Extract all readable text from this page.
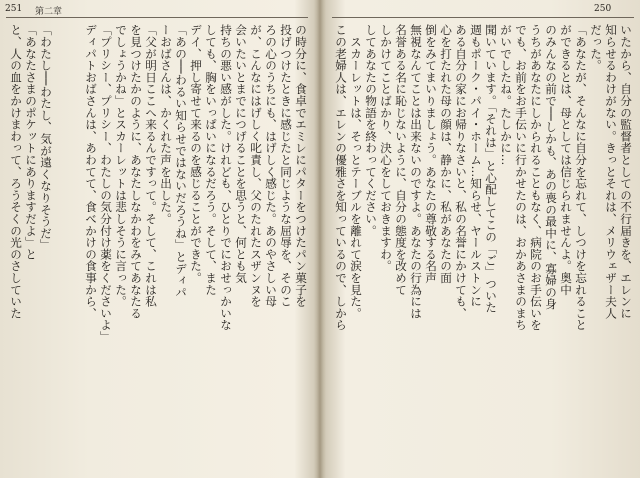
251 第二章	250
いたから、自分の監督者としての不行届きを、エレンに
知らせるわけがない。きっとそれは、メリウェザー夫人
だった。
「あなたが、そんなに自分を忘れて、しつけを忘れること
ができるとは、母としては信じられませんよ。奥中
のみんなの前で──しかも、あの喪の最中に、寡婦の身
うちがあなたにしかられることもなく、病院のお手伝いを
でも、お前をお手伝いに行かせたのは、おかあさまのまち
がいでしたね。たしかに…
聞いています。「それは」と心配してこの「ご」ついた
週もポーク・パイ・ホーム…知らせ、ヤールストンに
ある自分の家にお帰りなさいと、私の名誉にかけても、
心を打たれた母の顔は、静かに、私があなたの面
倒をみてまいりましょう。あなたの尊敬する名声
無視なんてことは出来ないのですよ。あなたの行為には
名誉ある名に恥じないように、自分の態度を改めて
しかけてことばかり、決心をしておきますわ。
してあなたの物語を終わってください。
　スカーレットは、そっとテーブルを離れて涙を見た。
この老婦人は、エレンの優雅さを知っているので、しから
の時分に、食卓でエミレにパターをつけたパン菓子を
投げつけたときに感じたと同じような屈辱を、そのこ
ろの心のうちにも、はげしく感じた。あのやさしい母
が、こんなにはげしく叱責し、父のたれたスザンヌを
会いたいとまでにつげることを思うと、何とも気
持ちの悪い感がした。けれども、ひとりでにおせっかいな
しても、胸をいっぱいになるだろう。そして、また
デイ、押し寄せて来るのを感じることができた。
「あの──わるい知らせではないだろうね」とディパ
ーおばさんは、かくれた声を出した。
「父が明日ここへ来るんですって。そして、これは私
を見つけたかのように、あなたしなかわをみてあなたる
でしょうかね」とスカーレットは悲しそうに言った。
「プリシー、プリシー、わたしの気分付け薬をくださいよ」
ディパトおばさんは、あわてて、食べかけの食事から、

「わたし──わたし、気が遠くなりそうだ」
「あなたさまのポケットにありますだよ」と
と、人の血をかけまわって、ろうそくの光のさしていた
